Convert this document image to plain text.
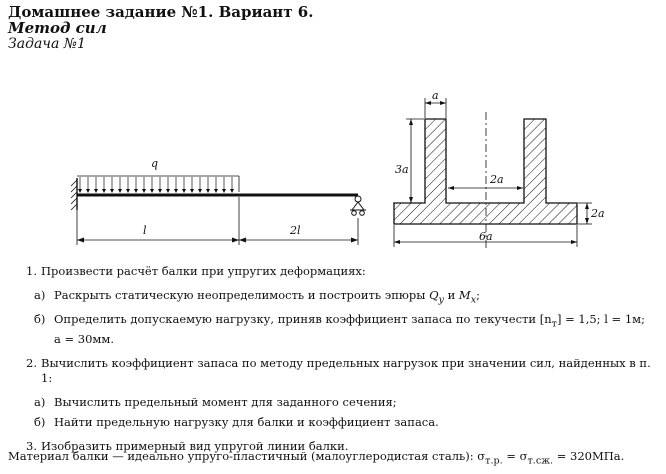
Домашнее задание №1. Вариант 6.
Метод сил
Задача №1
q
l	2l
a
3a
2a
2a
6a
1. Произвести расчёт балки при упругих деформациях:
а) Раскрыть статическую неопределимость и построить эпюры $Q_y$ и $M_x$;
б) Определить допускаемую нагрузку, приняв коэффициент запаса по текучести $[n_т] = 1,5$; l = 1м;
a = 30мм.
2. Вычислить коэффициент запаса по методу предельных нагрузок при значении сил, найденных в п. 1:
а) Вычислить предельный момент для заданного сечения;
б) Найти предельную нагрузку для балки и коэффициент запаса.
3. Изобразить примерный вид упругой линии балки.
Материал балки — идеально упруго-пластичный (малоуглеродистая сталь): $\sigma_{т.р.} = \sigma_{т.сж.} = 320МПа$.
